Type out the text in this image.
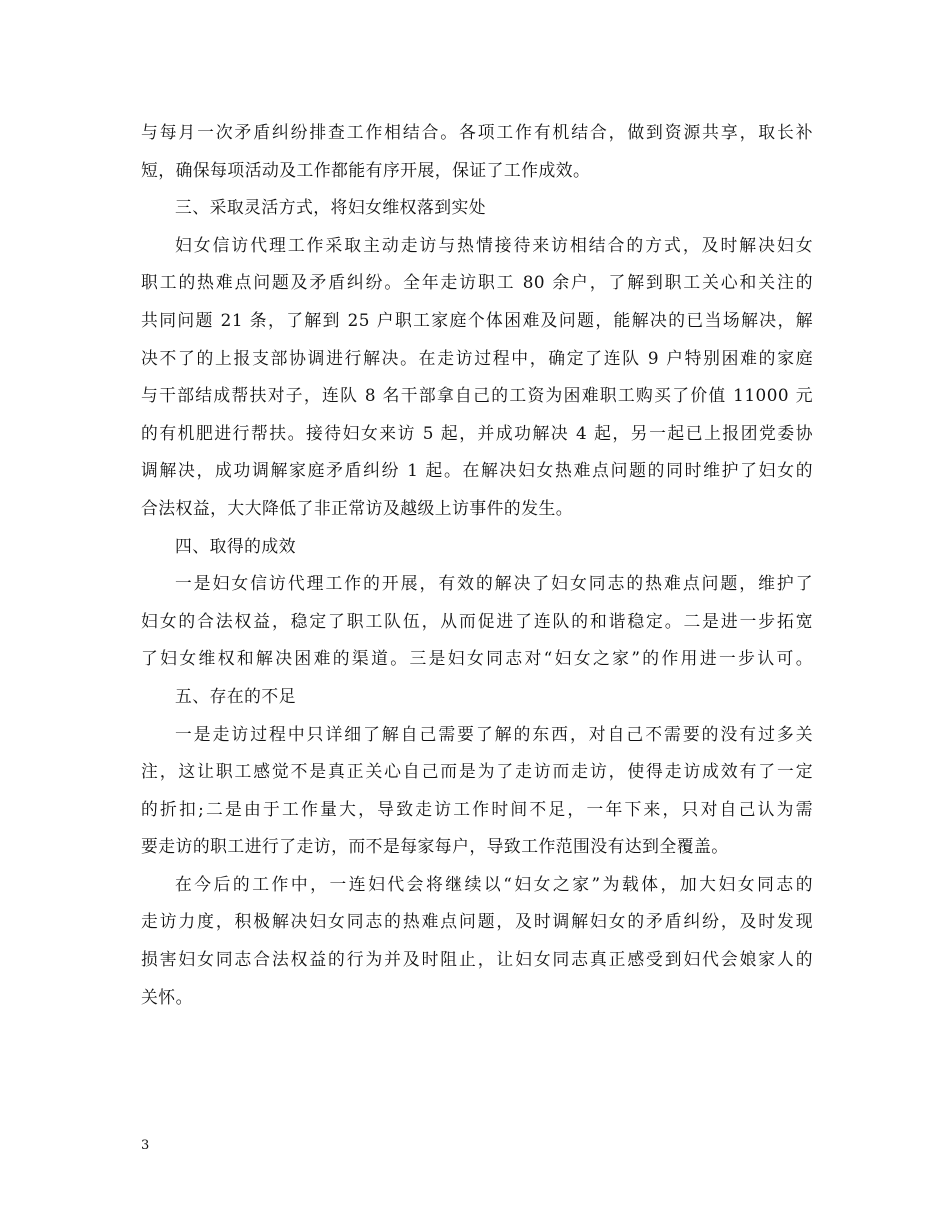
与每月一次矛盾纠纷排查工作相结合。各项工作有机结合，做到资源共享，取长补
短，确保每项活动及工作都能有序开展，保证了工作成效。
三、采取灵活方式，将妇女维权落到实处
妇女信访代理工作采取主动走访与热情接待来访相结合的方式，及时解决妇女
职工的热难点问题及矛盾纠纷。全年走访职工 80 余户，了解到职工关心和关注的
共同问题 21 条，了解到 25 户职工家庭个体困难及问题，能解决的已当场解决，解
决不了的上报支部协调进行解决。在走访过程中，确定了连队 9 户特别困难的家庭
与干部结成帮扶对子，连队 8 名干部拿自己的工资为困难职工购买了价值 11000 元
的有机肥进行帮扶。接待妇女来访 5 起，并成功解决 4 起，另一起已上报团党委协
调解决，成功调解家庭矛盾纠纷 1 起。在解决妇女热难点问题的同时维护了妇女的
合法权益，大大降低了非正常访及越级上访事件的发生。
四、取得的成效
一是妇女信访代理工作的开展，有效的解决了妇女同志的热难点问题，维护了
妇女的合法权益，稳定了职工队伍，从而促进了连队的和谐稳定。二是进一步拓宽
了妇女维权和解决困难的渠道。三是妇女同志对“妇女之家”的作用进一步认可。
五、存在的不足
一是走访过程中只详细了解自己需要了解的东西，对自己不需要的没有过多关
注，这让职工感觉不是真正关心自己而是为了走访而走访，使得走访成效有了一定
的折扣;二是由于工作量大，导致走访工作时间不足，一年下来，只对自己认为需
要走访的职工进行了走访，而不是每家每户，导致工作范围没有达到全覆盖。
在今后的工作中，一连妇代会将继续以“妇女之家”为载体，加大妇女同志的
走访力度，积极解决妇女同志的热难点问题，及时调解妇女的矛盾纠纷，及时发现
损害妇女同志合法权益的行为并及时阻止，让妇女同志真正感受到妇代会娘家人的
关怀。
3
